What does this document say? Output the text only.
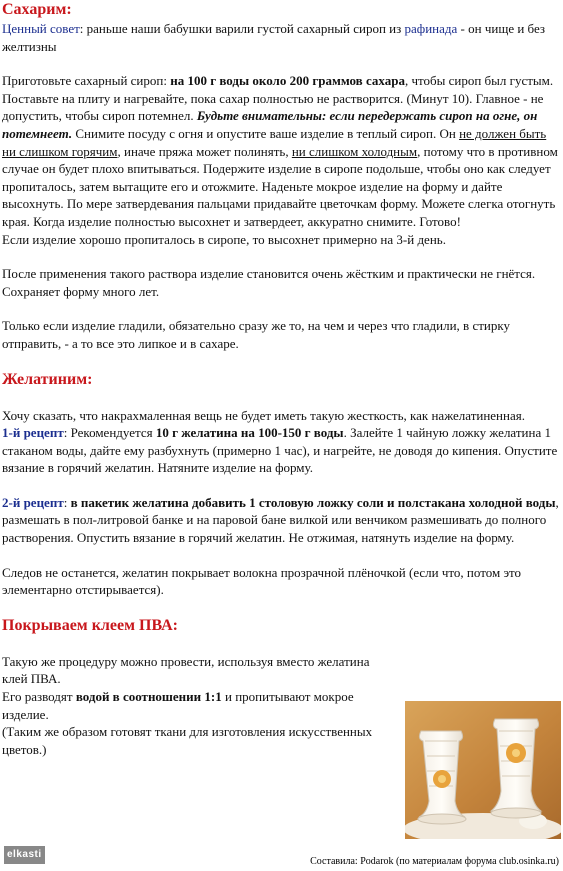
Сахарим:

Ценный совет: раньше наши бабушки варили густой сахарный сироп из рафинада - он чище и без желтизны

Приготовьте сахарный сироп: на 100 г воды около 200 граммов сахара, чтобы сироп был густым. Поставьте на плиту и нагревайте, пока сахар полностью не растворится. (Минут 10). Главное - не допустить, чтобы сироп потемнел. Будьте внимательны: если передержать сироп на огне, он потемнеет. Снимите посуду с огня и опустите ваше изделие в теплый сироп. Он не должен быть ни слишком горячим, иначе пряжа может полинять, ни слишком холодным, потому что в противном случае он будет плохо впитываться. Подержите изделие в сиропе подольше, чтобы оно как следует пропиталось, затем вытащите его и отожмите. Наденьте мокрое изделие на форму и дайте высохнуть. По мере затвердевания пальцами придавайте цветочкам форму. Можете слегка отогнуть края. Когда изделие полностью высохнет и затвердеет, аккуратно снимите. Готово!
Если изделие хорошо пропиталось в сиропе, то высохнет примерно на 3-й день.

После применения такого раствора изделие становится очень жёстким и практически не гнётся. Сохраняет форму много лет.

Только если изделие гладили, обязательно сразу же то, на чем и через что гладили, в стирку отправить, - а то все это липкое и в сахаре.

Желатиним:

Хочу сказать, что накрахмаленная вещь не будет иметь такую жесткость, как нажелатиненная.

1-й рецепт: Рекомендуется 10 г желатина на 100-150 г воды. Залейте 1 чайную ложку желатина 1 стаканом воды, дайте ему разбухнуть (примерно 1 час), и нагрейте, не доводя до кипения. Опустите вязание в горячий желатин. Натяните изделие на форму.

2-й рецепт: в пакетик желатина добавить 1 столовую ложку соли и полстакана холодной воды, размешать в пол-литровой банке и на паровой бане вилкой или венчиком размешивать до полного растворения. Опустить вязание в горячий желатин. Не отжимая, натянуть изделие на форму.

Следов не останется, желатин покрывает волокна прозрачной плёночкой (если что, потом это элементарно отстирывается).

Покрываем клеем ПВА:

Такую же процедуру можно провести, используя вместо желатина клей ПВА.

Его разводят водой в соотношении 1:1 и пропитывают мокрое изделие.

(Таким же образом готовят ткани для изготовления искусственных цветов.)

elkasti
Составила: Podarok (по материалам форума club.osinka.ru)
